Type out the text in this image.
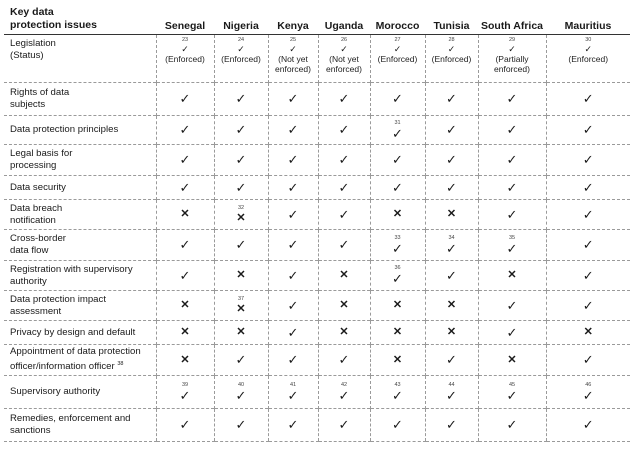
Key data
protection issues	Senegal	Nigeria	Kenya	Uganda	Morocco	Tunisia	South Africa	Mauritius
Legislation
(Status)	23
✓
(Enforced)	24
✓
(Enforced)	25
✓
(Not yet
enforced)	26
✓
(Not yet
enforced)	27
✓
(Enforced)	28
✓
(Enforced)	29
✓
(Partially
enforced)	30
✓
(Enforced)

Rights of data
subjects	✓	✓	✓	✓	✓	✓	✓	✓
Data protection principles	✓	✓	✓	✓	31
✓	✓	✓	✓
Legal basis for
processing	✓	✓	✓	✓	✓	✓	✓	✓
Data security	✓	✓	✓	✓	✓	✓	✓	✓
Data breach
notification	✕	32
✕	✓	✓	✕	✕	✓	✓
Cross-border
data flow	✓	✓	✓	✓	33
✓	34
✓	35
✓	✓
Registration with supervisory
authority	✓	✕	✓	✕	36
✓	✓	✕	✓
Data protection impact
assessment	✕	37
✕	✓	✕	✕	✕	✓	✓
Privacy by design and default	✕	✕	✓	✕	✕	✕	✓	✕
Appointment of data protection
officer/information officer $^{38}$	✕	✓	✓	✓	✕	✓	✕	✓
Supervisory authority	39
✓	40
✓	41
✓	42
✓	43
✓	44
✓	45
✓	46
✓
Remedies, enforcement and
sanctions	✓	✓	✓	✓	✓	✓	✓	✓
